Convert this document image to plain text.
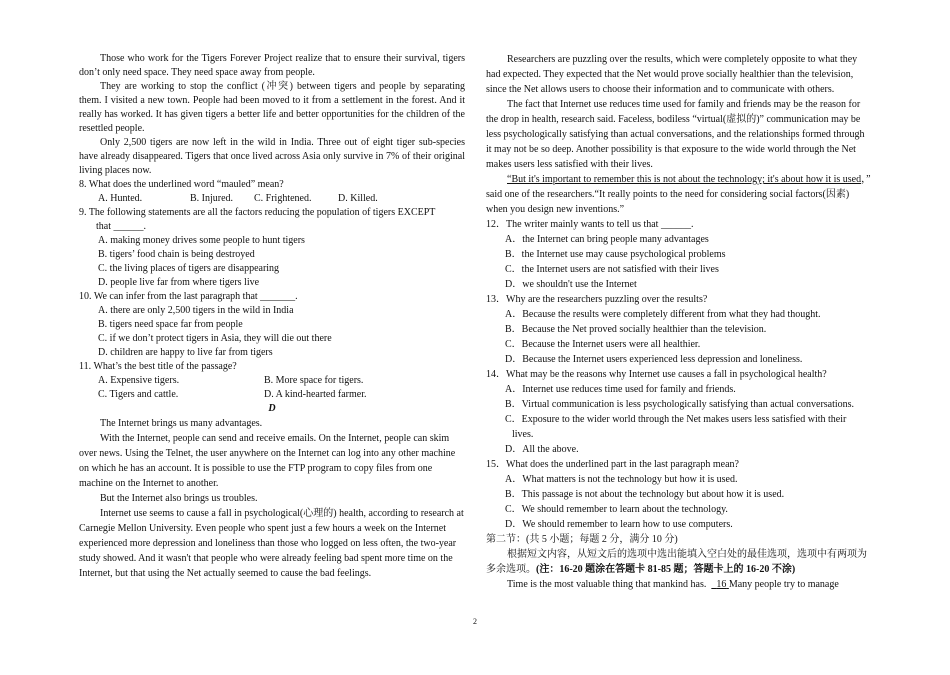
Those who work for the Tigers Forever Project realize that to ensure their survival, tigers don’t only need space. They need space away from people.

They are working to stop the conflict (冲突) between tigers and people by separating them. I visited a new town. People had been moved to it from a settlement in the forest. And it really has worked. It has given tigers a better life and better opportunities for the children of the resettled people.

Only 2,500 tigers are now left in the wild in India. Three out of eight tiger sub-species have already disappeared. Tigers that once lived across Asia only survive in 7% of their original living places now.

8. What does the underlined word “mauled” mean?

A. Hunted.	B. Injured.	C. Frightened.	D. Killed.

9. The following statements are all the factors reducing the population of tigers EXCEPT

that ______.

A. making money drives some people to hunt tigers

B. tigers’ food chain is being destroyed

C. the living places of tigers are disappearing

D. people live far from where tigers live

10. We can infer from the last paragraph that _______.

A. there are only 2,500 tigers in the wild in India

B. tigers need space far from people

C. if we don’t protect tigers in Asia, they will die out there

D. children are happy to live far from tigers

11. What’s the best title of the passage?

A. Expensive tigers.	B. More space for tigers.
C. Tigers and cattle.	D. A kind-hearted farmer.

D

The Internet brings us many advantages.

With the Internet, people can send and receive emails. On the Internet, people can skim over news. Using the Telnet, the user anywhere on the Internet can log into any other machine on which he has an account. It is possible to use the FTP program to copy files from one machine on the Internet to another.

But the Internet also brings us troubles.

Internet use seems to cause a fall in psychological(心理的) health, according to research at Carnegie Mellon University. Even people who spent just a few hours a week on the Internet experienced more depression and loneliness than those who logged on less often, the two-year study showed. And it wasn't that people who were already feeling bad spent more time on the Internet, but that using the Net actually seemed to cause the bad feelings.

Researchers are puzzling over the results, which were completely opposite to what they had expected. They expected that the Net would prove socially healthier than the television, since the Net allows users to choose their information and to communicate with others.

The fact that Internet use reduces time used for family and friends may be the reason for the drop in health, research said. Faceless, bodiless “virtual(虚拟的)” communication may be less psychologically satisfying than actual conversations, and the relationships formed through it may not be so deep. Another possibility is that exposure to the wide world through the Net makes users less satisfied with their lives.

“But it's important to remember this is not about the technology; it's about how it is used，” said one of the researchers.“It really points to the need for considering social factors(因素) when you design new inventions.”

12．The writer mainly wants to tell us that ______.

A．the Internet can bring people many advantages

B．the Internet use may cause psychological problems

C．the Internet users are not satisfied with their lives

D．we shouldn't use the Internet

13．Why are the researchers puzzling over the results?

A．Because the results were completely different from what they had thought.

B．Because the Net proved socially healthier than the television.

C．Because the Internet users were all healthier.

D．Because the Internet users experienced less depression and loneliness.

14．What may be the reasons why Internet use causes a fall in psychological health?

A．Internet use reduces time used for family and friends.

B．Virtual communication is less psychologically satisfying than actual conversations.

C．Exposure to the wider world through the Net makes users less satisfied with their

lives.

D．All the above.

15．What does the underlined part in the last paragraph mean?

A．What matters is not the technology but how it is used.

B．This passage is not about the technology but about how it is used.

C．We should remember to learn about the technology.

D．We should remember to learn how to use computers.

第二节：(共 5 小题；每题 2 分，满分 10 分)

根据短文内容，从短文后的选项中选出能填入空白处的最佳选项，选项中有两项为多余选项。(注：16-20 题涂在答题卡 81-85 题；答题卡上的 16-20 不涂)

Time is the most valuable thing that mankind has. 16 Many people try to manage

2
